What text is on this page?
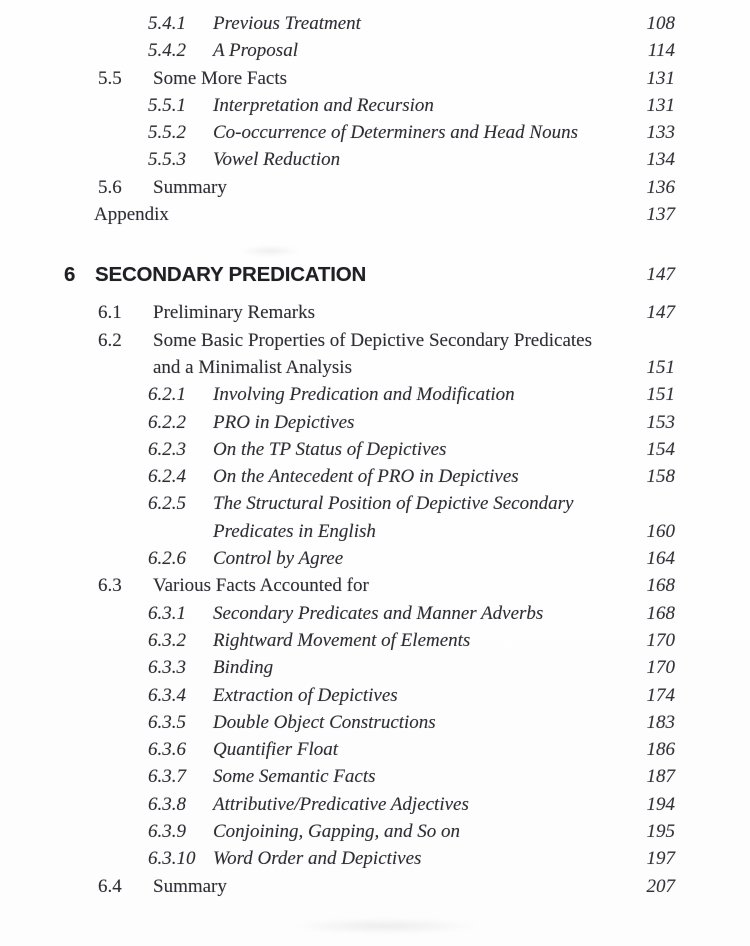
5.4.1 Previous Treatment	108
5.4.2 A Proposal	114
5.5 Some More Facts	131
5.5.1 Interpretation and Recursion	131
5.5.2 Co-occurrence of Determiners and Head Nouns	133
5.5.3 Vowel Reduction	134
5.6 Summary	136
Appendix	137
6 SECONDARY PREDICATION	147
6.1 Preliminary Remarks	147
6.2 Some Basic Properties of Depictive Secondary Predicates
and a Minimalist Analysis	151
6.2.1 Involving Predication and Modification	151
6.2.2 PRO in Depictives	153
6.2.3 On the TP Status of Depictives	154
6.2.4 On the Antecedent of PRO in Depictives	158
6.2.5 The Structural Position of Depictive Secondary
Predicates in English	160
6.2.6 Control by Agree	164
6.3 Various Facts Accounted for	168
6.3.1 Secondary Predicates and Manner Adverbs	168
6.3.2 Rightward Movement of Elements	170
6.3.3 Binding	170
6.3.4 Extraction of Depictives	174
6.3.5 Double Object Constructions	183
6.3.6 Quantifier Float	186
6.3.7 Some Semantic Facts	187
6.3.8 Attributive/Predicative Adjectives	194
6.3.9 Conjoining, Gapping, and So on	195
6.3.10 Word Order and Depictives	197
6.4 Summary	207
